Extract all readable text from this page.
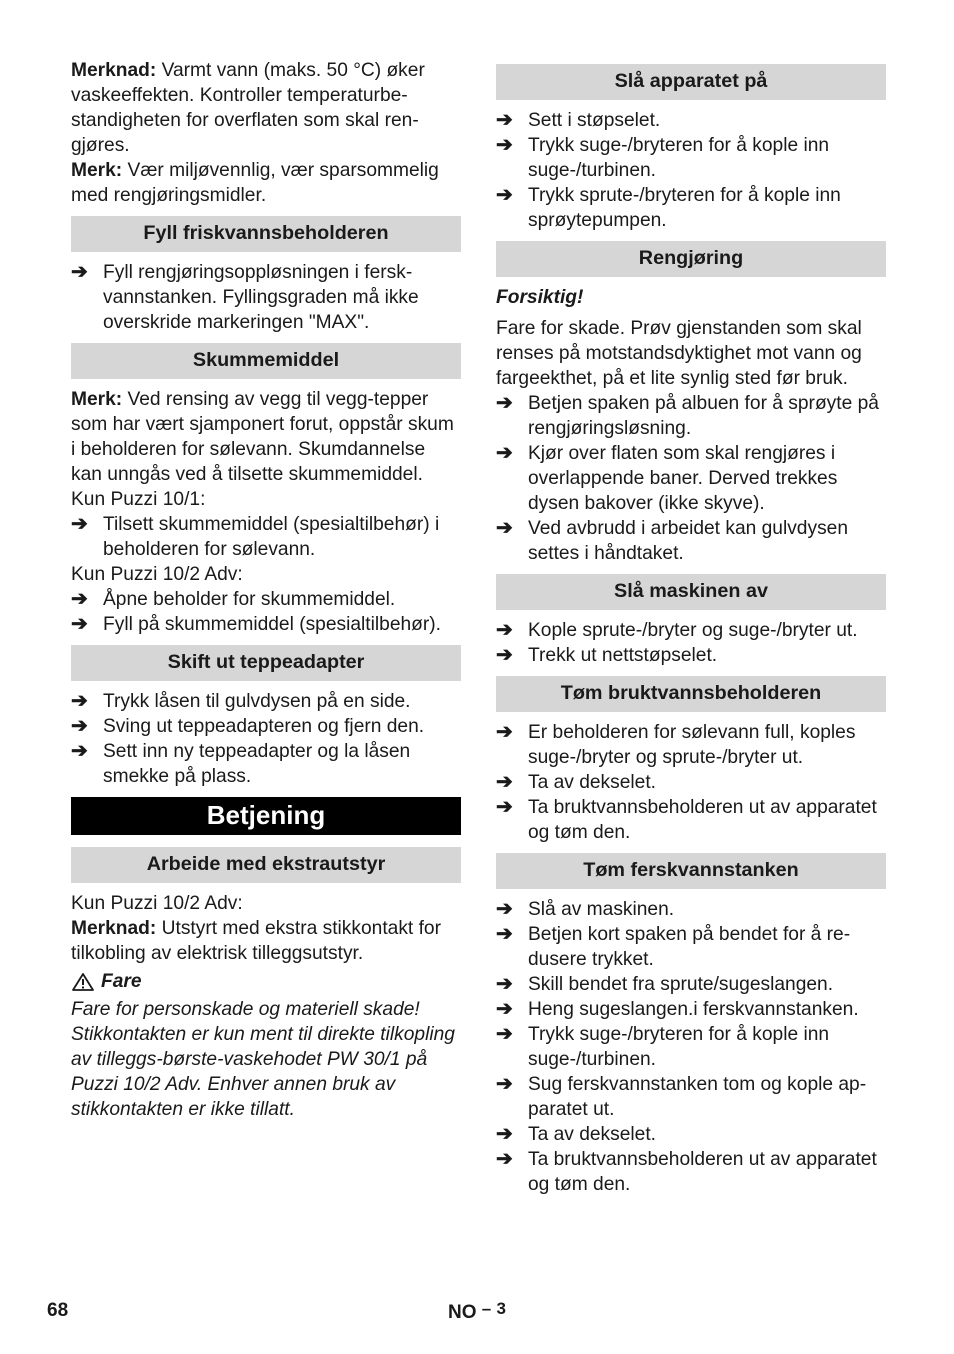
Merknad: Varmt vann (maks. 50 °C) øker vaskeeffekten. Kontroller temperaturbestandigheten for overflaten som skal rengjøres.

Merk: Vær miljøvennlig, vær sparsommelig med rengjøringsmidler.

Fyll friskvannsbeholderen
➔ Fyll rengjøringsoppløsningen i ferskvannstanken. Fyllingsgraden må ikke overskride markeringen "MAX".
Skummemiddel

Merk: Ved rensing av vegg til vegg-tepper som har vært sjamponert forut, oppstår skum i beholderen for sølevann. Skumdannelse kan unngås ved å tilsette skummemiddel.

Kun Puzzi 10/1:

➔ Tilsett skummemiddel (spesialtilbehør) i beholderen for sølevann.

Kun Puzzi 10/2 Adv:

➔ Åpne beholder for skummemiddel.
➔ Fyll på skummemiddel (spesialtilbehør).
Skift ut teppeadapter
➔ Trykk låsen til gulvdysen på en side.
➔ Sving ut teppeadapteren og fjern den.
➔ Sett inn ny teppeadapter og la låsen smekke på plass.
Betjening
Arbeide med ekstrautstyr

Kun Puzzi 10/2 Adv:

Merknad: Utstyrt med ekstra stikkontakt for tilkobling av elektrisk tilleggsutstyr.

Fare

Fare for personskade og materiell skade! Stikkontakten er kun ment til direkte tilkopling av tilleggs-børste-vaskehodet PW 30/1 på Puzzi 10/2 Adv. Enhver annen bruk av stikkontakten er ikke tillatt.

Slå apparatet på
➔ Sett i støpselet.
➔ Trykk suge-/bryteren for å kople inn suge-/turbinen.
➔ Trykk sprute-/bryteren for å kople inn sprøytepumpen.
Rengjøring

Forsiktig!

Fare for skade. Prøv gjenstanden som skal renses på motstandsdyktighet mot vann og fargeekthet, på et lite synlig sted før bruk.

➔ Betjen spaken på albuen for å sprøyte på rengjøringsløsning.
➔ Kjør over flaten som skal rengjøres i overlappende baner. Derved trekkes dysen bakover (ikke skyve).
➔ Ved avbrudd i arbeidet kan gulvdysen settes i håndtaket.
Slå maskinen av
➔ Kople sprute-/bryter og suge-/bryter ut.
➔ Trekk ut nettstøpselet.
Tøm bruktvannsbeholderen
➔ Er beholderen for sølevann full, koples suge-/bryter og sprute-/bryter ut.
➔ Ta av dekselet.
➔ Ta bruktvannsbeholderen ut av apparatet og tøm den.
Tøm ferskvannstanken
➔ Slå av maskinen.
➔ Betjen kort spaken på bendet for å redusere trykket.
➔ Skill bendet fra sprute/sugeslangen.
➔ Heng sugeslangen.i ferskvannstanken.
➔ Trykk suge-/bryteren for å kople inn suge-/turbinen.
➔ Sug ferskvannstanken tom og kople apparatet ut.
➔ Ta av dekselet.
➔ Ta bruktvannsbeholderen ut av apparatet og tøm den.
68	NO – 3
